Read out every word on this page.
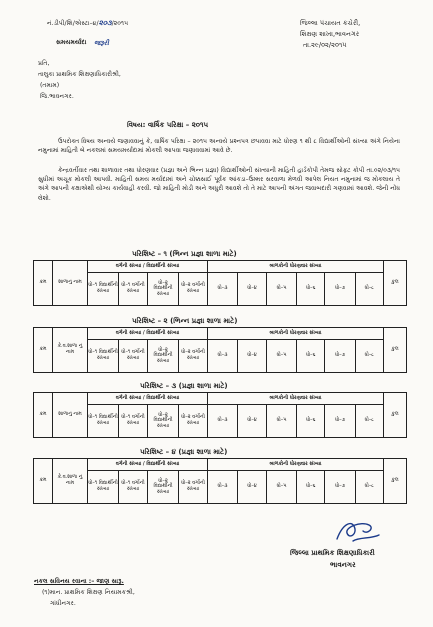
નં.ડીપી/શિ/એસ્ટા–૪/૨૦૩/૨૦૧૫
સમયમર્યાદા જરૂરી
જિલ્લા પંચાયત કચેરી,
શિક્ષણ શાખા,ભાવનગર
તા.૨૯/૦૨/૨૦૧૫
પ્રતિ,
તાલુકા પ્રાથમિક શિક્ષણાધિકારીશ્રી,
(તમામ)
જિ.ભાવનગર.
વિષય: વાર્ષિક પરિક્ષા – ૨૦૧૫
ઉપરોક્ત વિષય અન્વયે જણાવવાનું કે, વાર્ષિક પરિક્ષા – ૨૦૧૫ અન્વયે પ્રશ્નપત્ર છપાવવા માટે ધોરણ ૧ થી ૮ વિદ્યાર્થીઓની સંખ્યા અંગે નિયેના નમુનામાં માહિતી બે નકલમાં સમયમર્યાદામાં મોકલી આપવા જણાવવામાં આવે છે.
કેન્દ્રવર્તીવાર તથા શાળાવાર તથા ધોરણવાર (પ્રજ્ઞા અને ભિન્ન પ્રજ્ઞા) વિદ્યાર્થીઓની સંખ્યાની માહિતી હાર્ડકોપી તેમજ સોફટ કોપી તા.૦૨/૦૩/૧૫ સુધીમાં અચૂક મોકલી આપવી. માહિતી સમય મર્યાદામાં અને ચોક્કસાઈ પૂર્વક આંકડા–ઉમ્મર સરવાળા મેળવી આપેલ નિયત નમુનામાં જ મોકલાય તે અંગે આપની કક્ષાએથી યોગ્ય કાર્યવાહી કરવી. જો માહિતી મોડી અને અધુરી આવશે તો તે માટે આપની અંગત જવાબદારી ગણવામાં આવશે. જેની નોંધ લેશો.
પરિશિષ્ટ – ૧ (ભિન્ન પ્રજ્ઞા શાળા માટે)
ક્રમ	શાળાનું નામ	વર્ગની સંખ્યા / વિદ્યાર્થીની સંખ્યા				બાળકોની ધોરણવાર સંખ્યા						કુલ
		ધો–૧ વિદ્યાર્થીની સંખ્યા	ધો–૧ વર્ગોની સંખ્યા	ધો–૨ વિદ્યાર્થીની સંખ્યા	ધો–૨ વર્ગોની સંખ્યા	ધો–૩	ધો–૪	ધો–૫	ધો–૬	ધો–૭	ધો–૮	
પરિશિષ્ટ – ૨ (ભિન્ન પ્રજ્ઞા શાળા માટે)
ક્રમ	કે.વ.શાળા નું નામ	વર્ગની સંખ્યા / વિદ્યાર્થીની સંખ્યા				બાળકોની ધોરણવાર સંખ્યા						કુલ
		ધો–૧ વિદ્યાર્થીની સંખ્યા	ધો–૧ વર્ગોની સંખ્યા	ધો–૨ વિદ્યાર્થીની સંખ્યા	ધો–૨ વર્ગોની સંખ્યા	ધો–૩	ધો–૪	ધો–૫	ધો–૬	ધો–૭	ધો–૮	
પરિશિષ્ટ – ૩ (પ્રજ્ઞા શાળા માટે)
ક્રમ	શાળાનું નામ	વર્ગની સંખ્યા / વિદ્યાર્થીની સંખ્યા				બાળકોની ધોરણવાર સંખ્યા						કુલ
		ધો–૧ વિદ્યાર્થીની સંખ્યા	ધો–૧ વર્ગોની સંખ્યા	ધો–૨ વિદ્યાર્થીની સંખ્યા	ધો–૨ વર્ગોની સંખ્યા	ધો–૩	ધો–૪	ધો–૫	ધો–૬	ધો–૭	ધો–૮	
પરિશિષ્ટ – ૪ (પ્રજ્ઞા શાળા માટે)
ક્રમ	કે.વ.શાળા નું નામ	વર્ગની સંખ્યા / વિદ્યાર્થીની સંખ્યા				બાળકોની ધોરણવાર સંખ્યા						કુલ
		ધો–૧ વિદ્યાર્થીની સંખ્યા	ધો–૧ વર્ગોની સંખ્યા	ધો–૨ વિદ્યાર્થીની સંખ્યા	ધો–૨ વર્ગોની સંખ્યા	ધો–૩	ધો–૪	ધો–૫	ધો–૬	ધો–૭	ધો–૮	
જિલ્લા પ્રાથમિક શિક્ષણાધિકારી
ભાવનગર
નકલ સવિનય રવાના :– જાણ સારૂ.
(૧)માન. પ્રાથમિક શિક્ષણ નિયામકશ્રી,
ગાંધીનગર.
